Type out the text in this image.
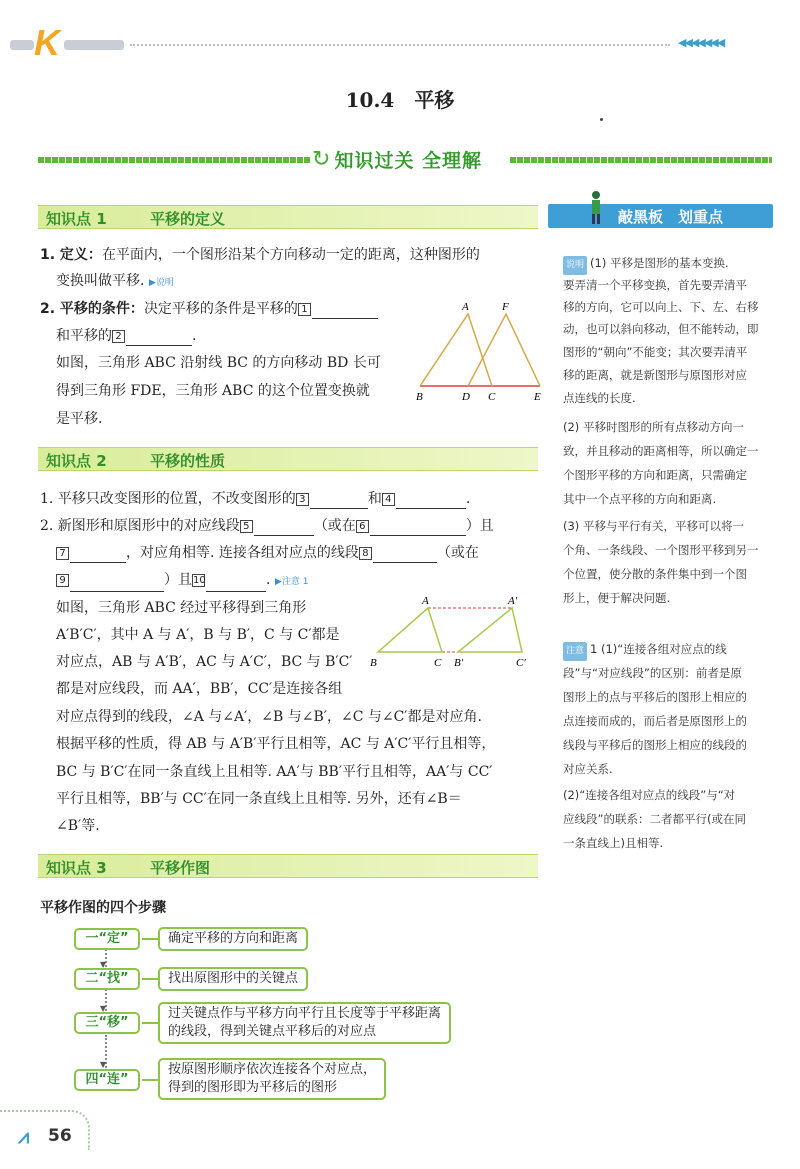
K	◀◀◀◀◀◀◀
10.4　平移
↻ 知识过关 全理解
知识点 1	平移的定义
1. 定义：在平面内，一个图形沿某个方向移动一定的距离，这种图形的
变换叫做平移. ▶说明
2. 平移的条件：决定平移的条件是平移的 1
和平移的 2	.
如图，三角形 ABC 沿射线 BC 的方向移动 BD 长可
得到三角形 FDE，三角形 ABC 的这个位置变换就
是平移.
A	F
B	D C	E
知识点 2	平移的性质
1. 平移只改变图形的位置，不改变图形的 3	和 4	.
2. 新图形和原图形中的对应线段 5	（或在 6	）且
7	，对应角相等. 连接各组对应点的线段 8	（或在
9	）且10	. ▶注意 1
如图，三角形 ABC 经过平移得到三角形
A′B′C′，其中 A 与 A′，B 与 B′，C 与 C′都是
对应点，AB 与 A′B′，AC 与 A′C′，BC 与 B′C′
都是对应线段，而 AA′，BB′，CC′是连接各组
对应点得到的线段，∠A 与∠A′，∠B 与∠B′，∠C 与∠C′都是对应角.
根据平移的性质，得 AB 与 A′B′平行且相等，AC 与 A′C′平行且相等，
BC 与 B′C′在同一条直线上且相等. AA′与 BB′平行且相等，AA′与 CC′
平行且相等，BB′与 CC′在同一条直线上且相等. 另外，还有∠B＝
∠B′等.
A	A′
B	C B′	C′
知识点 3	平移作图
平移作图的四个步骤
▼
▼
▼
一“定”	确定平移的方向和距离
二“找”	找出原图形中的关键点
三“移”
过关键点作与平移方向平行且长度等于平移距离
的线段，得到关键点平移后的对应点
四“连”
按原图形顺序依次连接各个对应点，
得到的图形即为平移后的图形
敲黑板　划重点
说明 (1) 平移是图形的基本变换.
要弄清一个平移变换，首先要弄清平
移的方向，它可以向上、下、左、右移
动，也可以斜向移动，但不能转动，即
图形的“朝向”不能变；其次要弄清平
移的距离，就是新图形与原图形对应
点连线的长度.
(2) 平移时图形的所有点移动方向一
致，并且移动的距离相等，所以确定一
个图形平移的方向和距离，只需确定
其中一个点平移的方向和距离.
(3) 平移与平行有关，平移可以将一
个角、一条线段、一个图形平移到另一
个位置，使分散的条件集中到一个图
形上，便于解决问题.
注意 1 (1)“连接各组对应点的线
段”与“对应线段”的区别：前者是原
图形上的点与平移后的图形上相应的
点连接而成的，而后者是原图形上的
线段与平移后的图形上相应的线段的
对应关系.
(2)“连接各组对应点的线段”与“对
应线段”的联系：二者都平行(或在同
一条直线上)且相等.
⩘ 56
